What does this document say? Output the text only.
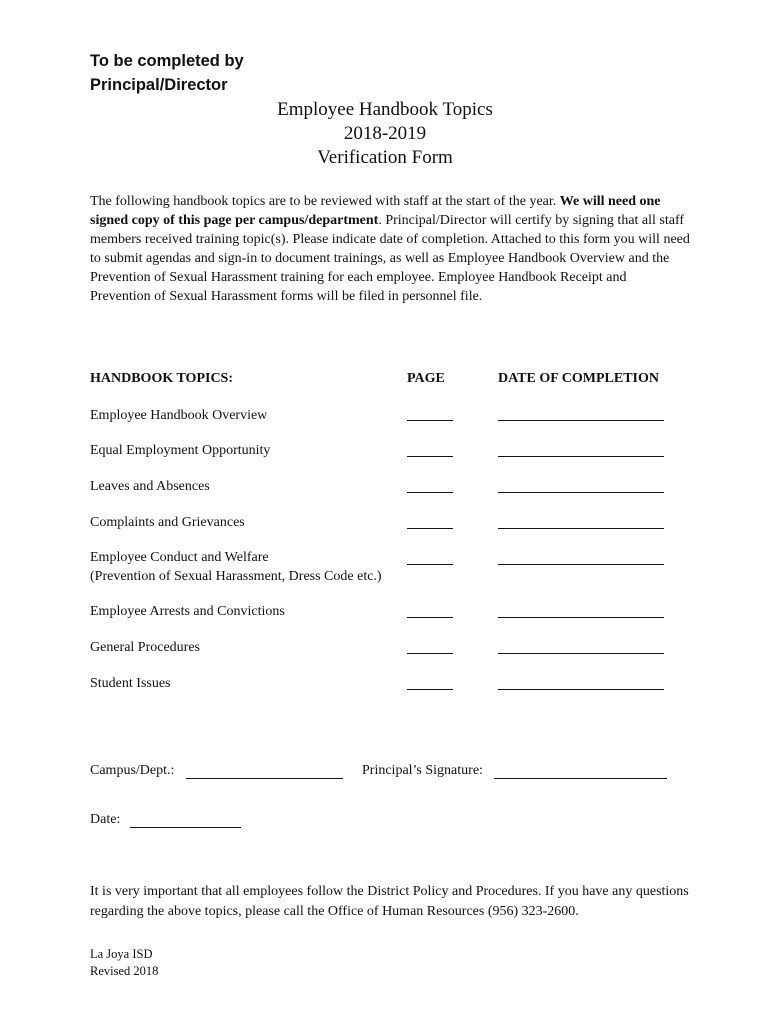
To be completed by
Principal/Director
Employee Handbook Topics
2018-2019
Verification Form
The following handbook topics are to be reviewed with staff at the start of the year. We will need one signed copy of this page per campus/department. Principal/Director will certify by signing that all staff members received training topic(s). Please indicate date of completion. Attached to this form you will need to submit agendas and sign-in to document trainings, as well as Employee Handbook Overview and the Prevention of Sexual Harassment training for each employee. Employee Handbook Receipt and Prevention of Sexual Harassment forms will be filed in personnel file.
HANDBOOK TOPICS:	PAGE	DATE OF COMPLETION
Employee Handbook Overview
Equal Employment Opportunity
Leaves and Absences
Complaints and Grievances
Employee Conduct and Welfare
(Prevention of Sexual Harassment, Dress Code etc.)
Employee Arrests and Convictions
General Procedures
Student Issues
Campus/Dept.:	Principal’s Signature:
Date:
It is very important that all employees follow the District Policy and Procedures. If you have any questions regarding the above topics, please call the Office of Human Resources (956) 323-2600.
La Joya ISD
Revised 2018
